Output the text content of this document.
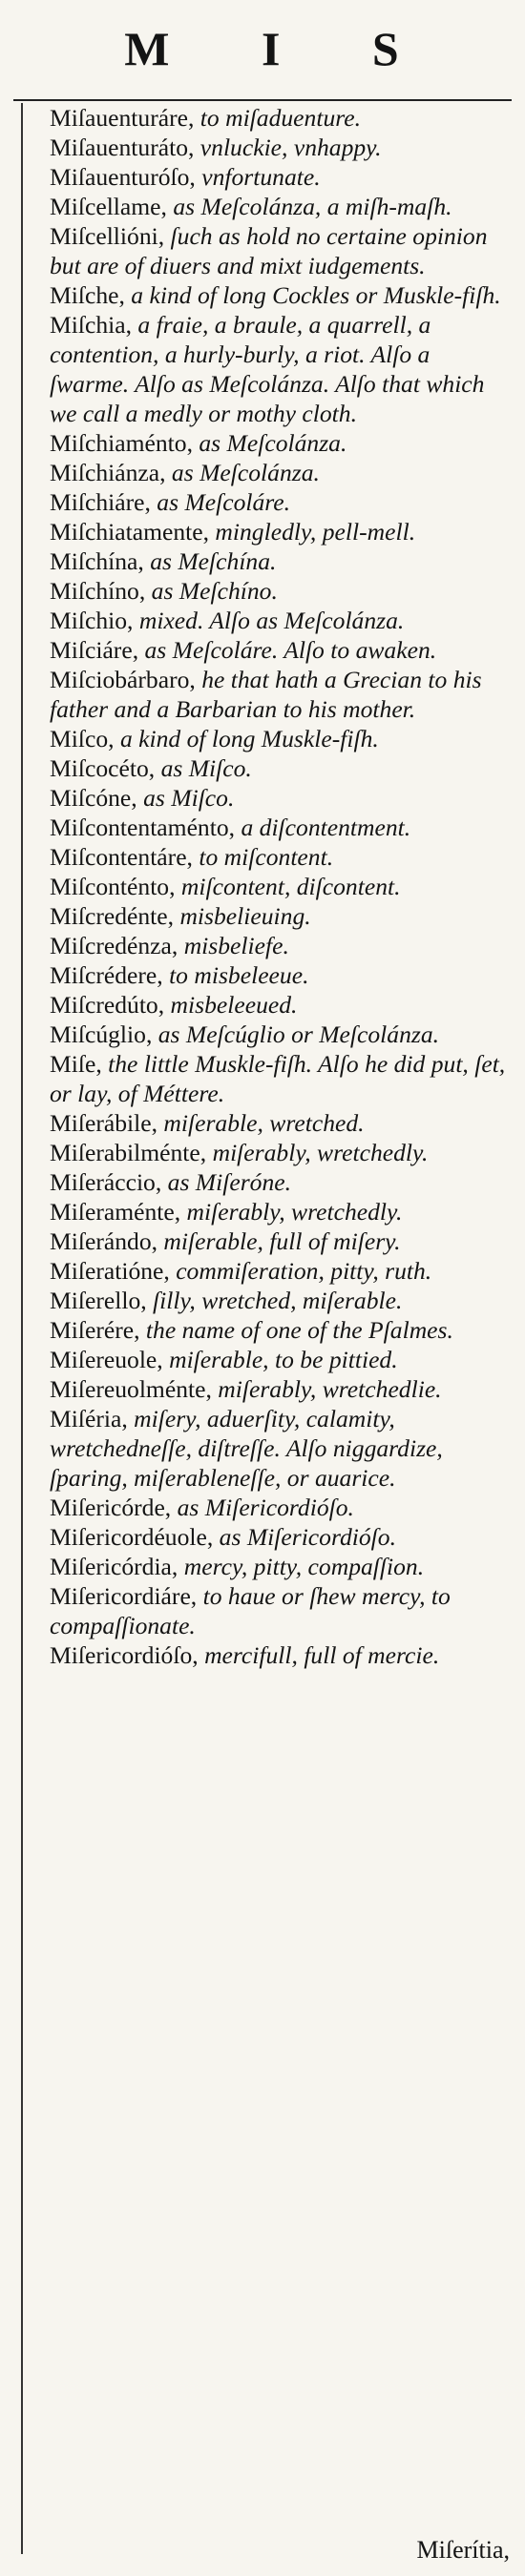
M I S
Miſauenturáre, to miſaduenture.
Miſauenturáto, vnluckie, vnhappy.
Miſauenturóſo, vnfortunate.
Miſcellame, as Meſcolánza, a miſh-maſh.
Miſcellióni, ſuch as hold no certaine opinion but are of diuers and mixt iudgements.
Miſche, a kind of long Cockles or Muskle-fiſh.
Miſchia, a fraie, a braule, a quarrell, a contention, a hurly-burly, a riot. Alſo a ſwarme. Alſo as Meſcolánza. Alſo that which we call a medly or mothy cloth.
Miſchiaménto, as Meſcolánza.
Miſchiánza, as Meſcolánza.
Miſchiáre, as Meſcoláre.
Miſchiatamente, mingledly, pell-mell.
Miſchína, as Meſchína.
Miſchíno, as Meſchíno.
Miſchio, mixed. Alſo as Meſcolánza.
Miſciáre, as Meſcoláre. Alſo to awaken.
Miſciobárbaro, he that hath a Grecian to his father and a Barbarian to his mother.
Miſco, a kind of long Muskle-fiſh.
Miſcocéto, as Miſco.
Miſcóne, as Miſco.
Miſcontentaménto, a diſcontentment.
Miſcontentáre, to miſcontent.
Miſconténto, miſcontent, diſcontent.
Miſcredénte, misbelieuing.
Miſcredénza, misbeliefe.
Miſcrédere, to misbeleeue.
Miſcredúto, misbeleeued.
Miſcúglio, as Meſcúglio or Meſcolánza.
Miſe, the little Muskle-fiſh. Alſo he did put, ſet, or lay, of Méttere.
Miſerábile, miſerable, wretched.
Miſerabilménte, miſerably, wretchedly.
Miſeráccio, as Miſeróne.
Miſeraménte, miſerably, wretchedly.
Miſerándo, miſerable, full of miſery.
Miſeratióne, commiſeration, pitty, ruth.
Miſerello, ſilly, wretched, miſerable.
Miſerére, the name of one of the Pſalmes.
Miſereuole, miſerable, to be pittied.
Miſereuolménte, miſerably, wretchedlie.
Miſéria, miſery, aduerſity, calamity, wretchedneſſe, diſtreſſe. Alſo niggardize, ſparing, miſerableneſſe, or auarice.
Miſericórde, as Miſericordióſo.
Miſericordéuole, as Miſericordióſo.
Miſericórdia, mercy, pitty, compaſſion.
Miſericordiáre, to haue or ſhew mercy, to compaſſionate.
Miſericordióſo, mercifull, full of mercie.
Miſerítia,
